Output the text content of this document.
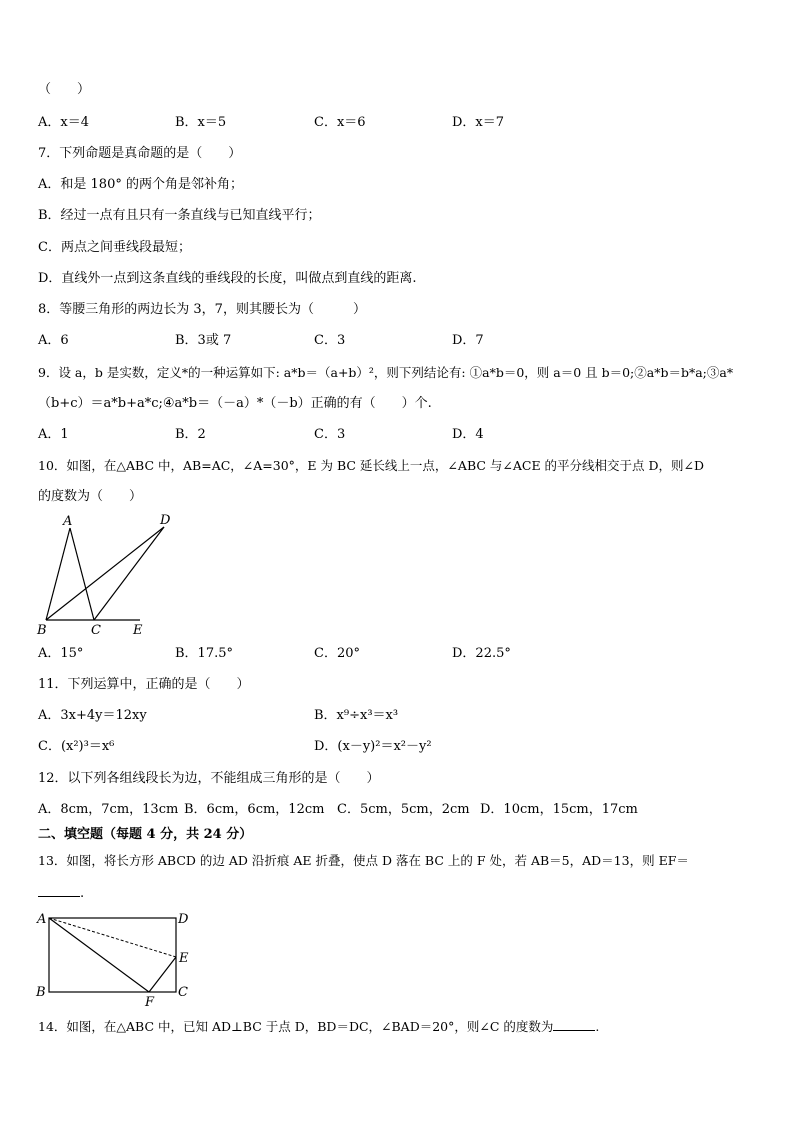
（　　）
A．x＝4	B．x＝5	C．x＝6	D．x＝7
7．下列命题是真命题的是（　　）
A．和是 180° 的两个角是邻补角；
B．经过一点有且只有一条直线与已知直线平行；
C．两点之间垂线段最短；
D．直线外一点到这条直线的垂线段的长度，叫做点到直线的距离.
8．等腰三角形的两边长为 3，7，则其腰长为（　　　）
A．6	B．3或 7	C．3	D．7
9．设 a，b 是实数，定义*的一种运算如下: a*b＝（a+b）²，则下列结论有: ①a*b＝0，则 a＝0 且 b＝0;②a*b＝b*a;③a*
（b+c）＝a*b+a*c;④a*b＝（－a）*（－b）正确的有（　　）个.
A．1	B．2	C．3	D．4
10．如图，在△ABC 中，AB=AC，∠A=30°，E 为 BC 延长线上一点，∠ABC 与∠ACE 的平分线相交于点 D，则∠D
的度数为（　　）
A	D
B	C E
A．15°	B．17.5°	C．20°	D．22.5°
11．下列运算中，正确的是（　　）
A．3x+4y＝12xy	B．x⁹÷x³＝x³
C．(x²)³＝x⁶	D．(x－y)²＝x²－y²
12．以下列各组线段长为边，不能组成三角形的是（　　）
A．8cm，7cm，13cm B．6cm，6cm，12cm C．5cm，5cm，2cm D．10cm，15cm，17cm
二、填空题（每题 4 分，共 24 分）
13．如图，将长方形 ABCD 的边 AD 沿折痕 AE 折叠，使点 D 落在 BC 上的 F 处，若 AB＝5，AD＝13，则 EF＝
.
A	D
E
B
F
C
14．如图，在△ABC 中，已知 AD⊥BC 于点 D，BD＝DC，∠BAD＝20°，则∠C 的度数为	.
